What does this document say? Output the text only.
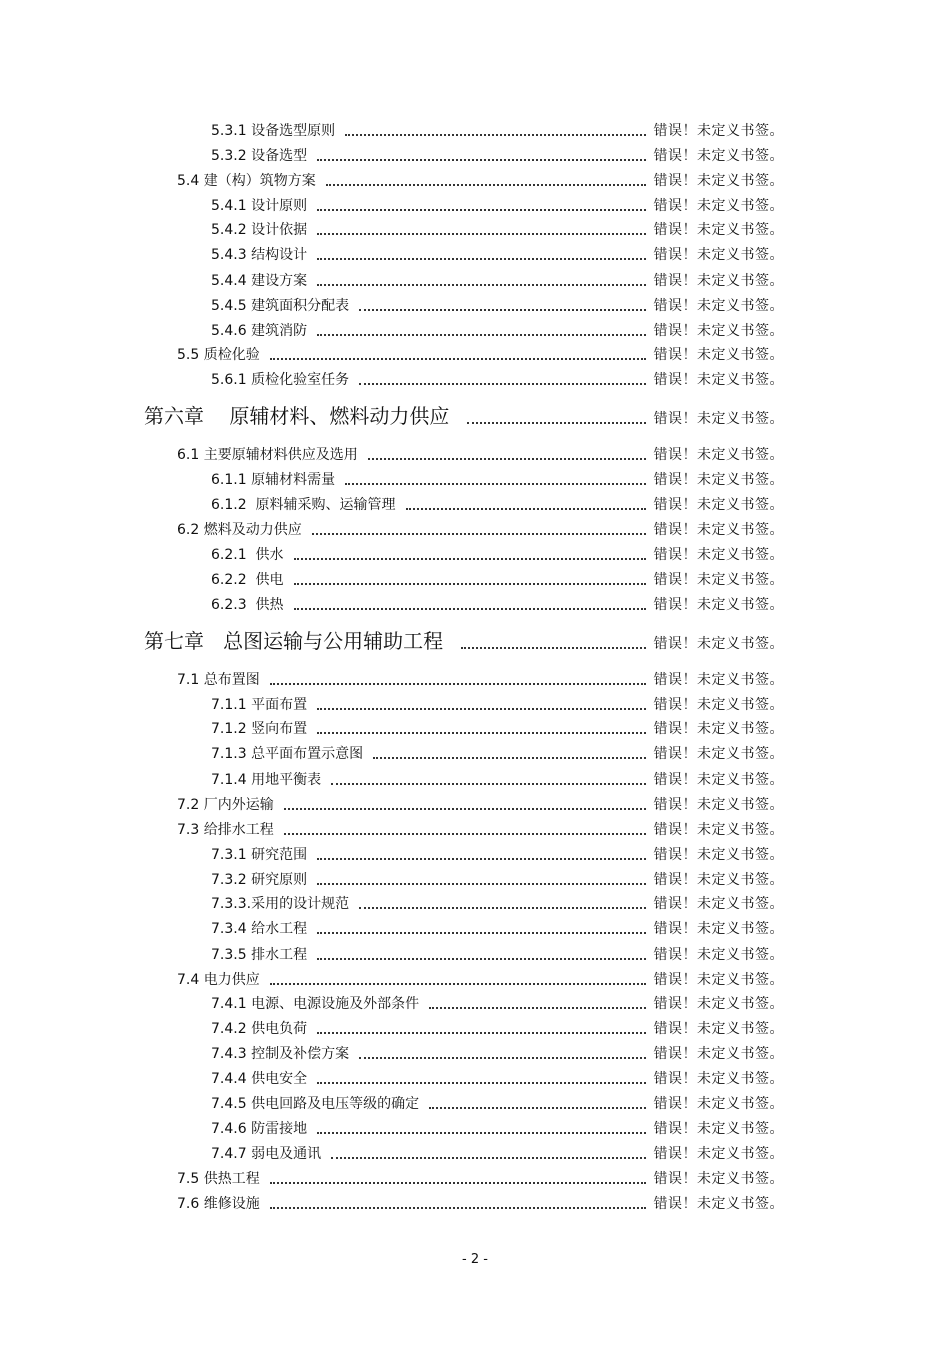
5.3.1 设备选型原则	错误！未定义书签。
5.3.2 设备选型	错误！未定义书签。
5.4 建（构）筑物方案	错误！未定义书签。
5.4.1 设计原则	错误！未定义书签。
5.4.2 设计依据	错误！未定义书签。
5.4.3 结构设计	错误！未定义书签。
5.4.4 建设方案	错误！未定义书签。
5.4.5 建筑面积分配表	错误！未定义书签。
5.4.6 建筑消防	错误！未定义书签。
5.5 质检化验	错误！未定义书签。
5.6.1 质检化验室任务	错误！未定义书签。
第六章    原辅材料、燃料动力供应	错误！未定义书签。
6.1 主要原辅材料供应及选用	错误！未定义书签。
6.1.1 原辅材料需量	错误！未定义书签。
6.1.2  原料辅采购、运输管理	错误！未定义书签。
6.2 燃料及动力供应	错误！未定义书签。
6.2.1  供水	错误！未定义书签。
6.2.2  供电	错误！未定义书签。
6.2.3  供热	错误！未定义书签。
第七章   总图运输与公用辅助工程	错误！未定义书签。
7.1 总布置图	错误！未定义书签。
7.1.1 平面布置	错误！未定义书签。
7.1.2 竖向布置	错误！未定义书签。
7.1.3 总平面布置示意图	错误！未定义书签。
7.1.4 用地平衡表	错误！未定义书签。
7.2 厂内外运输	错误！未定义书签。
7.3 给排水工程	错误！未定义书签。
7.3.1 研究范围	错误！未定义书签。
7.3.2 研究原则	错误！未定义书签。
7.3.3.采用的设计规范	错误！未定义书签。
7.3.4 给水工程	错误！未定义书签。
7.3.5 排水工程	错误！未定义书签。
7.4 电力供应	错误！未定义书签。
7.4.1 电源、电源设施及外部条件	错误！未定义书签。
7.4.2 供电负荷	错误！未定义书签。
7.4.3 控制及补偿方案	错误！未定义书签。
7.4.4 供电安全	错误！未定义书签。
7.4.5 供电回路及电压等级的确定	错误！未定义书签。
7.4.6 防雷接地	错误！未定义书签。
7.4.7 弱电及通讯	错误！未定义书签。
7.5 供热工程	错误！未定义书签。
7.6 维修设施	错误！未定义书签。
- 2 -
